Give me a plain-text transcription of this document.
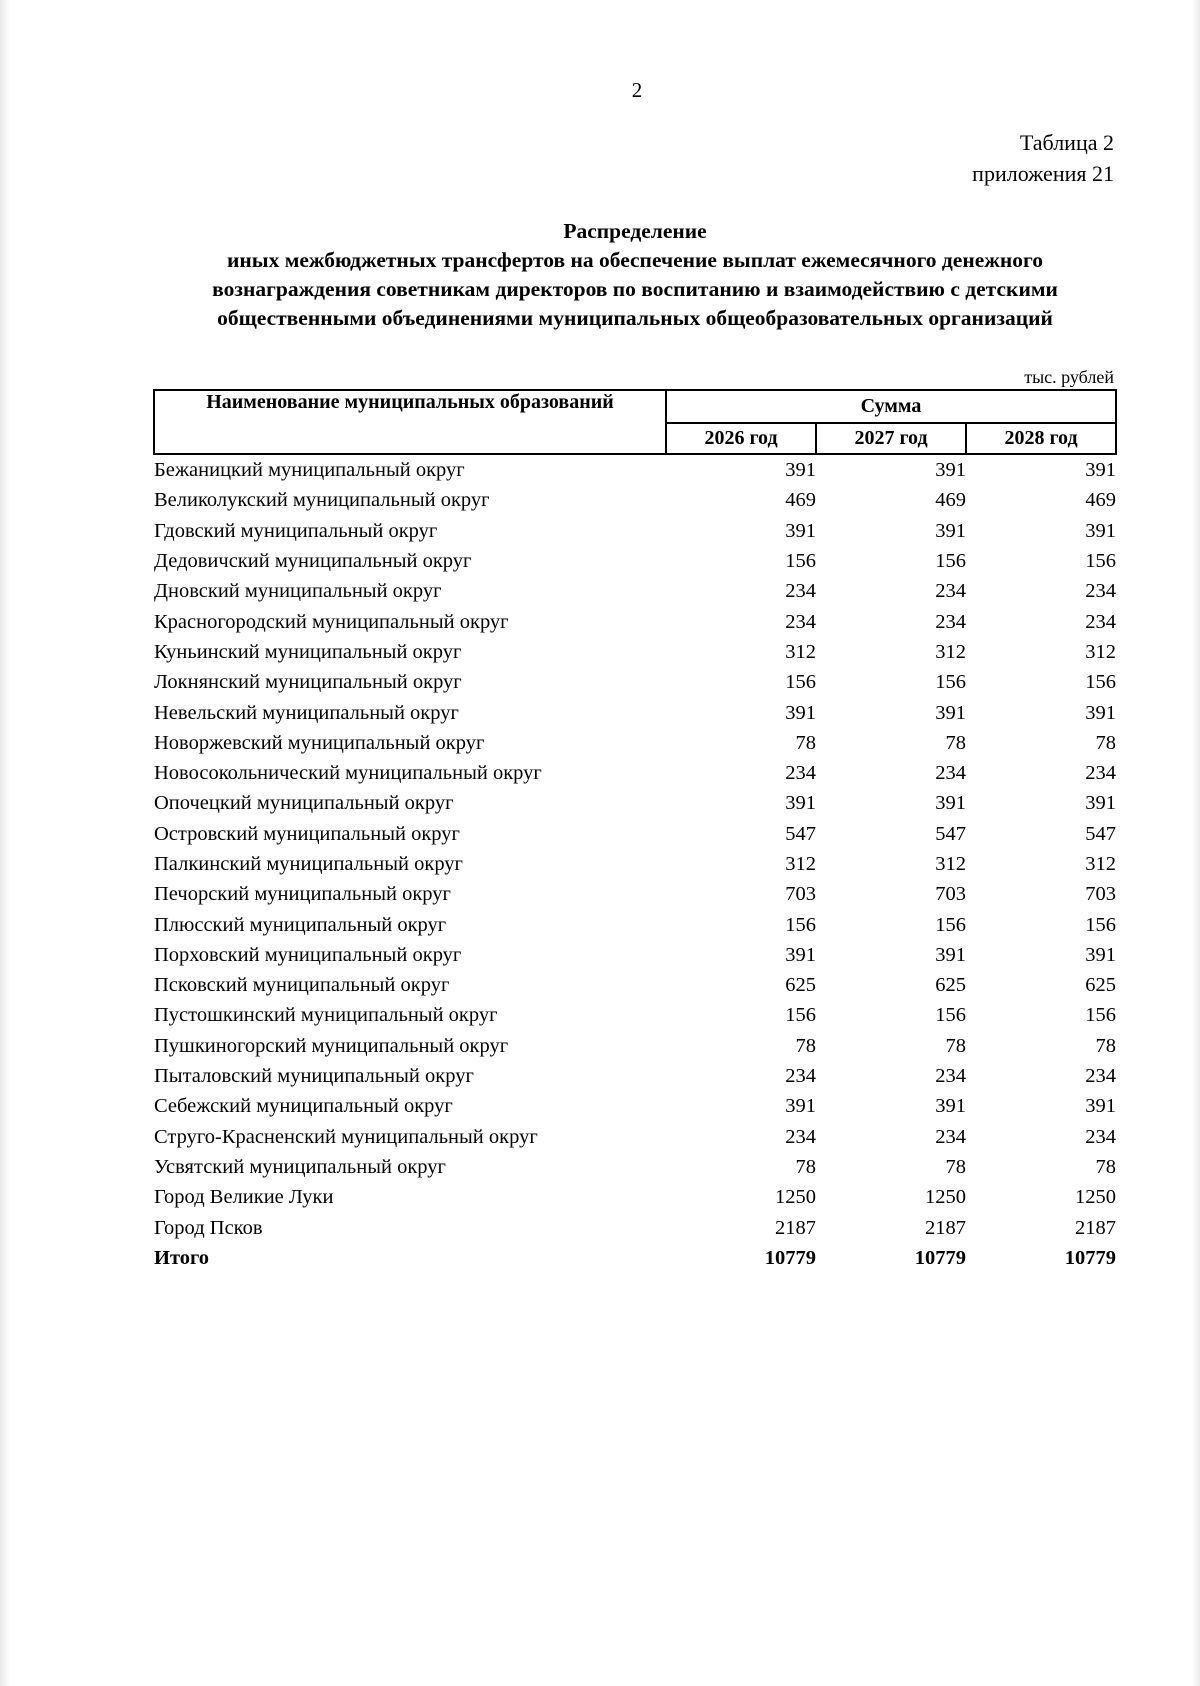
2
Таблица 2
приложения 21
Распределение
иных межбюджетных трансфертов на обеспечение выплат ежемесячного денежного
вознаграждения советникам директоров по воспитанию и взаимодействию с детскими
общественными объединениями муниципальных общеобразовательных организаций
тыс. рублей
Наименование муниципальных образований	Сумма		
	2026 год	2027 год	2028 год
Бежаницкий муниципальный округ	391	391	391
Великолукский муниципальный округ	469	469	469
Гдовский муниципальный округ	391	391	391
Дедовичский муниципальный округ	156	156	156
Дновский муниципальный округ	234	234	234
Красногородский муниципальный округ	234	234	234
Куньинский муниципальный округ	312	312	312
Локнянский муниципальный округ	156	156	156
Невельский муниципальный округ	391	391	391
Новоржевский муниципальный округ	78	78	78
Новосокольнический муниципальный округ	234	234	234
Опочецкий муниципальный округ	391	391	391
Островский муниципальный округ	547	547	547
Палкинский муниципальный округ	312	312	312
Печорский муниципальный округ	703	703	703
Плюсский муниципальный округ	156	156	156
Порховский муниципальный округ	391	391	391
Псковский муниципальный округ	625	625	625
Пустошкинский муниципальный округ	156	156	156
Пушкиногорский муниципальный округ	78	78	78
Пыталовский муниципальный округ	234	234	234
Себежский муниципальный округ	391	391	391
Струго-Красненский муниципальный округ	234	234	234
Усвятский муниципальный округ	78	78	78
Город Великие Луки	1250	1250	1250
Город Псков	2187	2187	2187
Итого	10779	10779	10779
